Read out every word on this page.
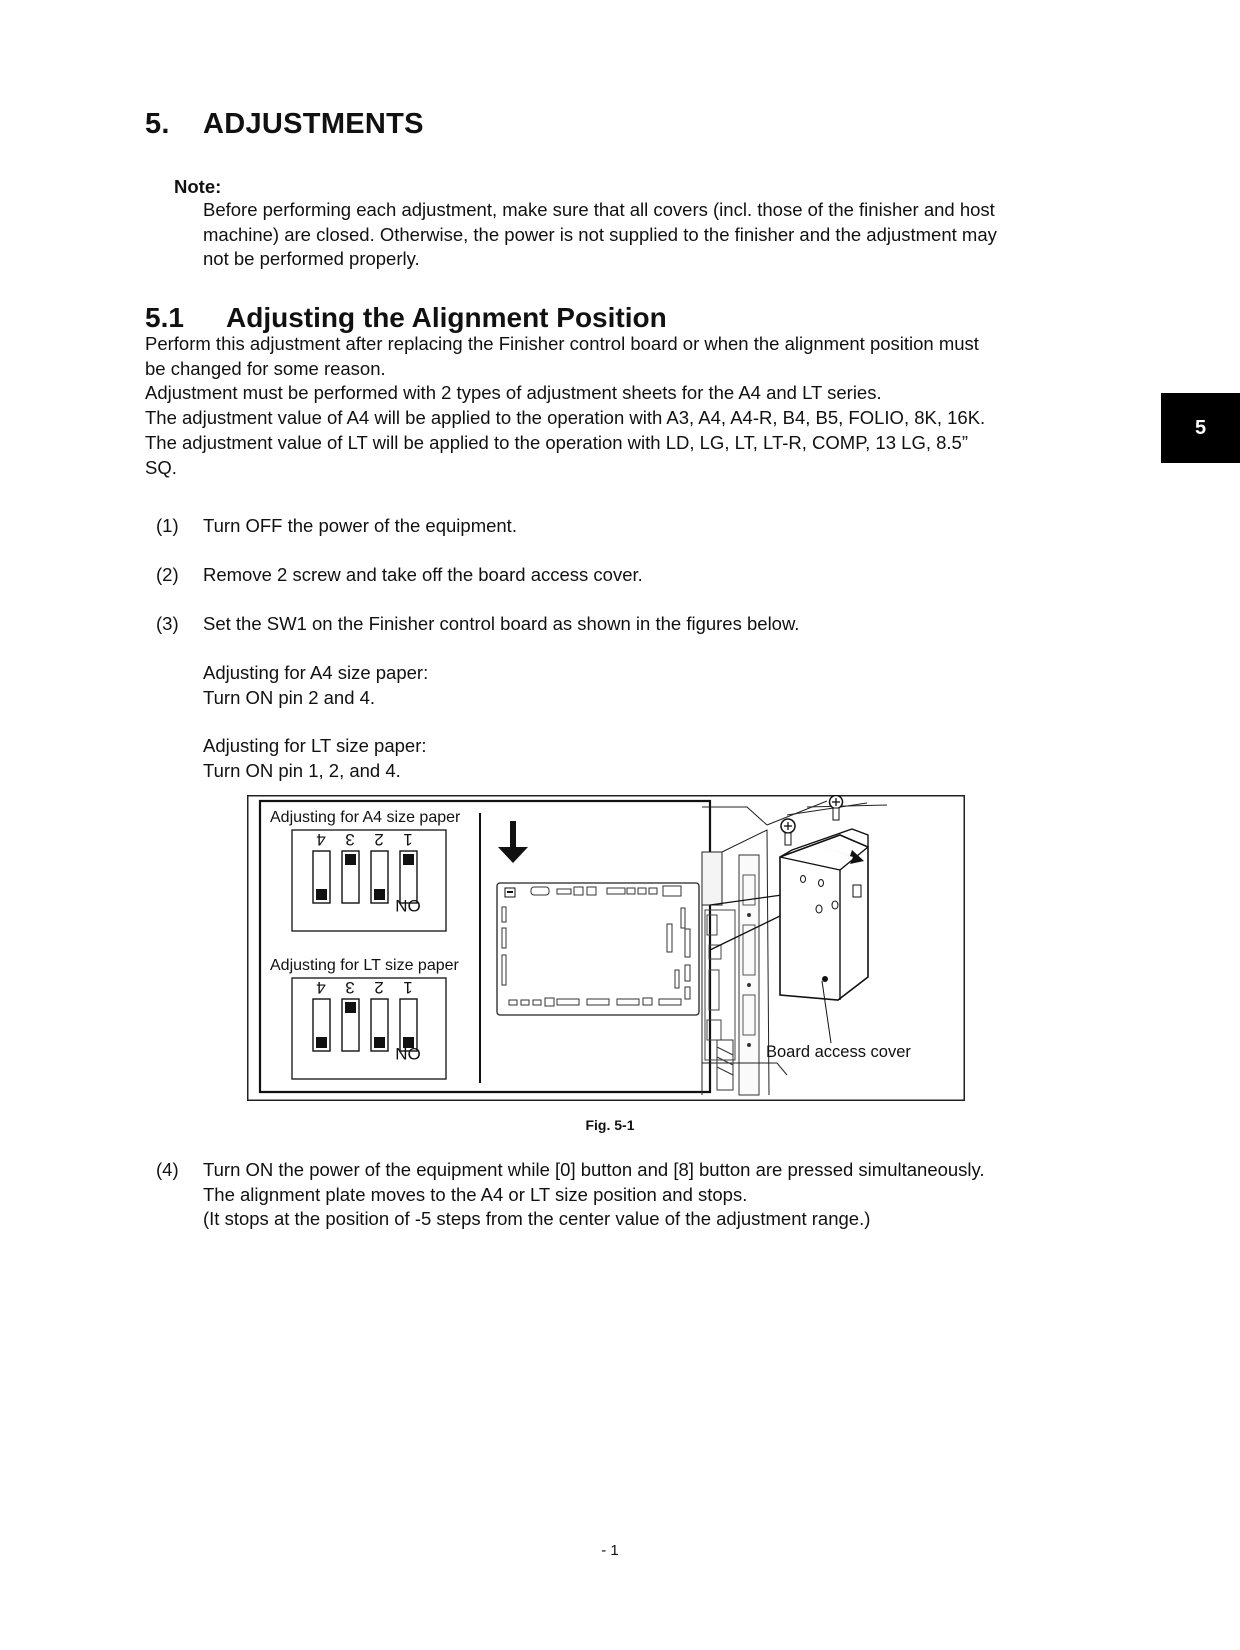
5. ADJUSTMENTS
Note:
Before performing each adjustment, make sure that all covers (incl. those of the finisher and host
machine) are closed. Otherwise, the power is not supplied to the finisher and the adjustment may
not be performed properly.
5.1 Adjusting the Alignment Position
Perform this adjustment after replacing the Finisher control board or when the alignment position must
be changed for some reason.
Adjustment must be performed with 2 types of adjustment sheets for the A4 and LT series.
The adjustment value of A4 will be applied to the operation with A3, A4, A4-R, B4, B5, FOLIO, 8K, 16K.
The adjustment value of LT will be applied to the operation with LD, LG, LT, LT-R, COMP, 13 LG, 8.5”
SQ.
(1)	Turn OFF the power of the equipment.
(2)	Remove 2 screw and take off the board access cover.
(3)	Set the SW1 on the Finisher control board as shown in the figures below.
Adjusting for A4 size paper:
Turn ON pin 2 and 4.
Adjusting for LT size paper:
Turn ON pin 1, 2, and 4.
Adjusting for A4 size paper
4 3 2 1
ON
Adjusting for LT size paper
4 3 2 1
ON	Board access cover
Fig. 5-1
(4)	Turn ON the power of the equipment while [0] button and [8] button are pressed simultaneously.
The alignment plate moves to the A4 or LT size position and stops.
(It stops at the position of -5 steps from the center value of the adjustment range.)
5
- 1
